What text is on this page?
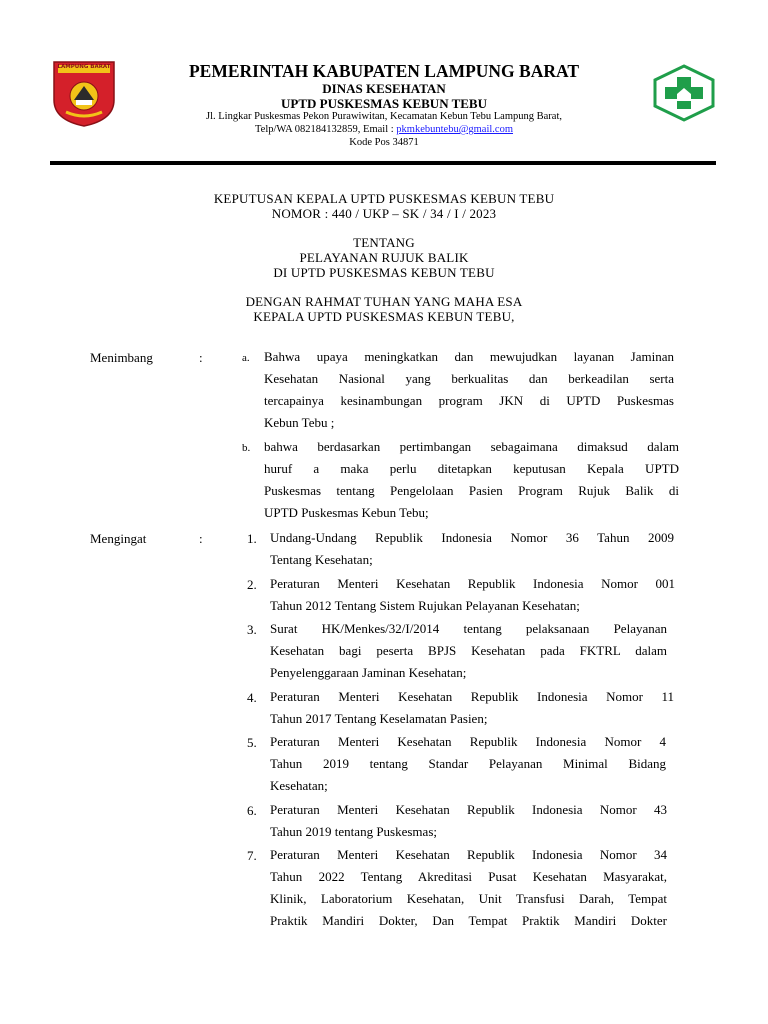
LAMPUNG BARAT	PEMERINTAH KABUPATEN LAMPUNG BARAT
DINAS KESEHATAN
UPTD PUSKESMAS KEBUN TEBU
Jl. Lingkar Puskesmas Pekon Purawiwitan, Kecamatan Kebun Tebu Lampung Barat,
Telp/WA 082184132859, Email : pkmkebuntebu@gmail.com
Kode Pos 34871
KEPUTUSAN KEPALA UPTD PUSKESMAS KEBUN TEBU
NOMOR : 440 / UKP – SK / 34 / I / 2023
TENTANG
PELAYANAN RUJUK BALIK
DI UPTD PUSKESMAS KEBUN TEBU
DENGAN RAHMAT TUHAN YANG MAHA ESA
KEPALA UPTD PUSKESMAS KEBUN TEBU,
Menimbang	:	a. Bahwa upaya meningkatkan dan mewujudkan layanan Jaminan
Kesehatan Nasional yang berkualitas dan berkeadilan serta
tercapainya kesinambungan program JKN di UPTD Puskesmas
Kebun Tebu ;
b. bahwa berdasarkan pertimbangan sebagaimana dimaksud dalam
huruf a maka perlu ditetapkan keputusan Kepala UPTD
Puskesmas tentang Pengelolaan Pasien Program Rujuk Balik di
UPTD Puskesmas Kebun Tebu;
Mengingat	:	1. Undang-Undang Republik Indonesia Nomor 36 Tahun 2009
Tentang Kesehatan;
2. Peraturan Menteri Kesehatan Republik Indonesia Nomor 001
Tahun 2012 Tentang Sistem Rujukan Pelayanan Kesehatan;
3. Surat HK/Menkes/32/I/2014 tentang pelaksanaan Pelayanan
Kesehatan bagi peserta BPJS Kesehatan pada FKTRL dalam
Penyelenggaraan Jaminan Kesehatan;
4. Peraturan Menteri Kesehatan Republik Indonesia Nomor 11
Tahun 2017 Tentang Keselamatan Pasien;
5. Peraturan Menteri Kesehatan Republik Indonesia Nomor 4
Tahun 2019 tentang Standar Pelayanan Minimal Bidang
Kesehatan;
6. Peraturan Menteri Kesehatan Republik Indonesia Nomor 43
Tahun 2019 tentang Puskesmas;
7. Peraturan Menteri Kesehatan Republik Indonesia Nomor 34
Tahun 2022 Tentang Akreditasi Pusat Kesehatan Masyarakat,
Klinik, Laboratorium Kesehatan, Unit Transfusi Darah, Tempat
Praktik Mandiri Dokter, Dan Tempat Praktik Mandiri Dokter
